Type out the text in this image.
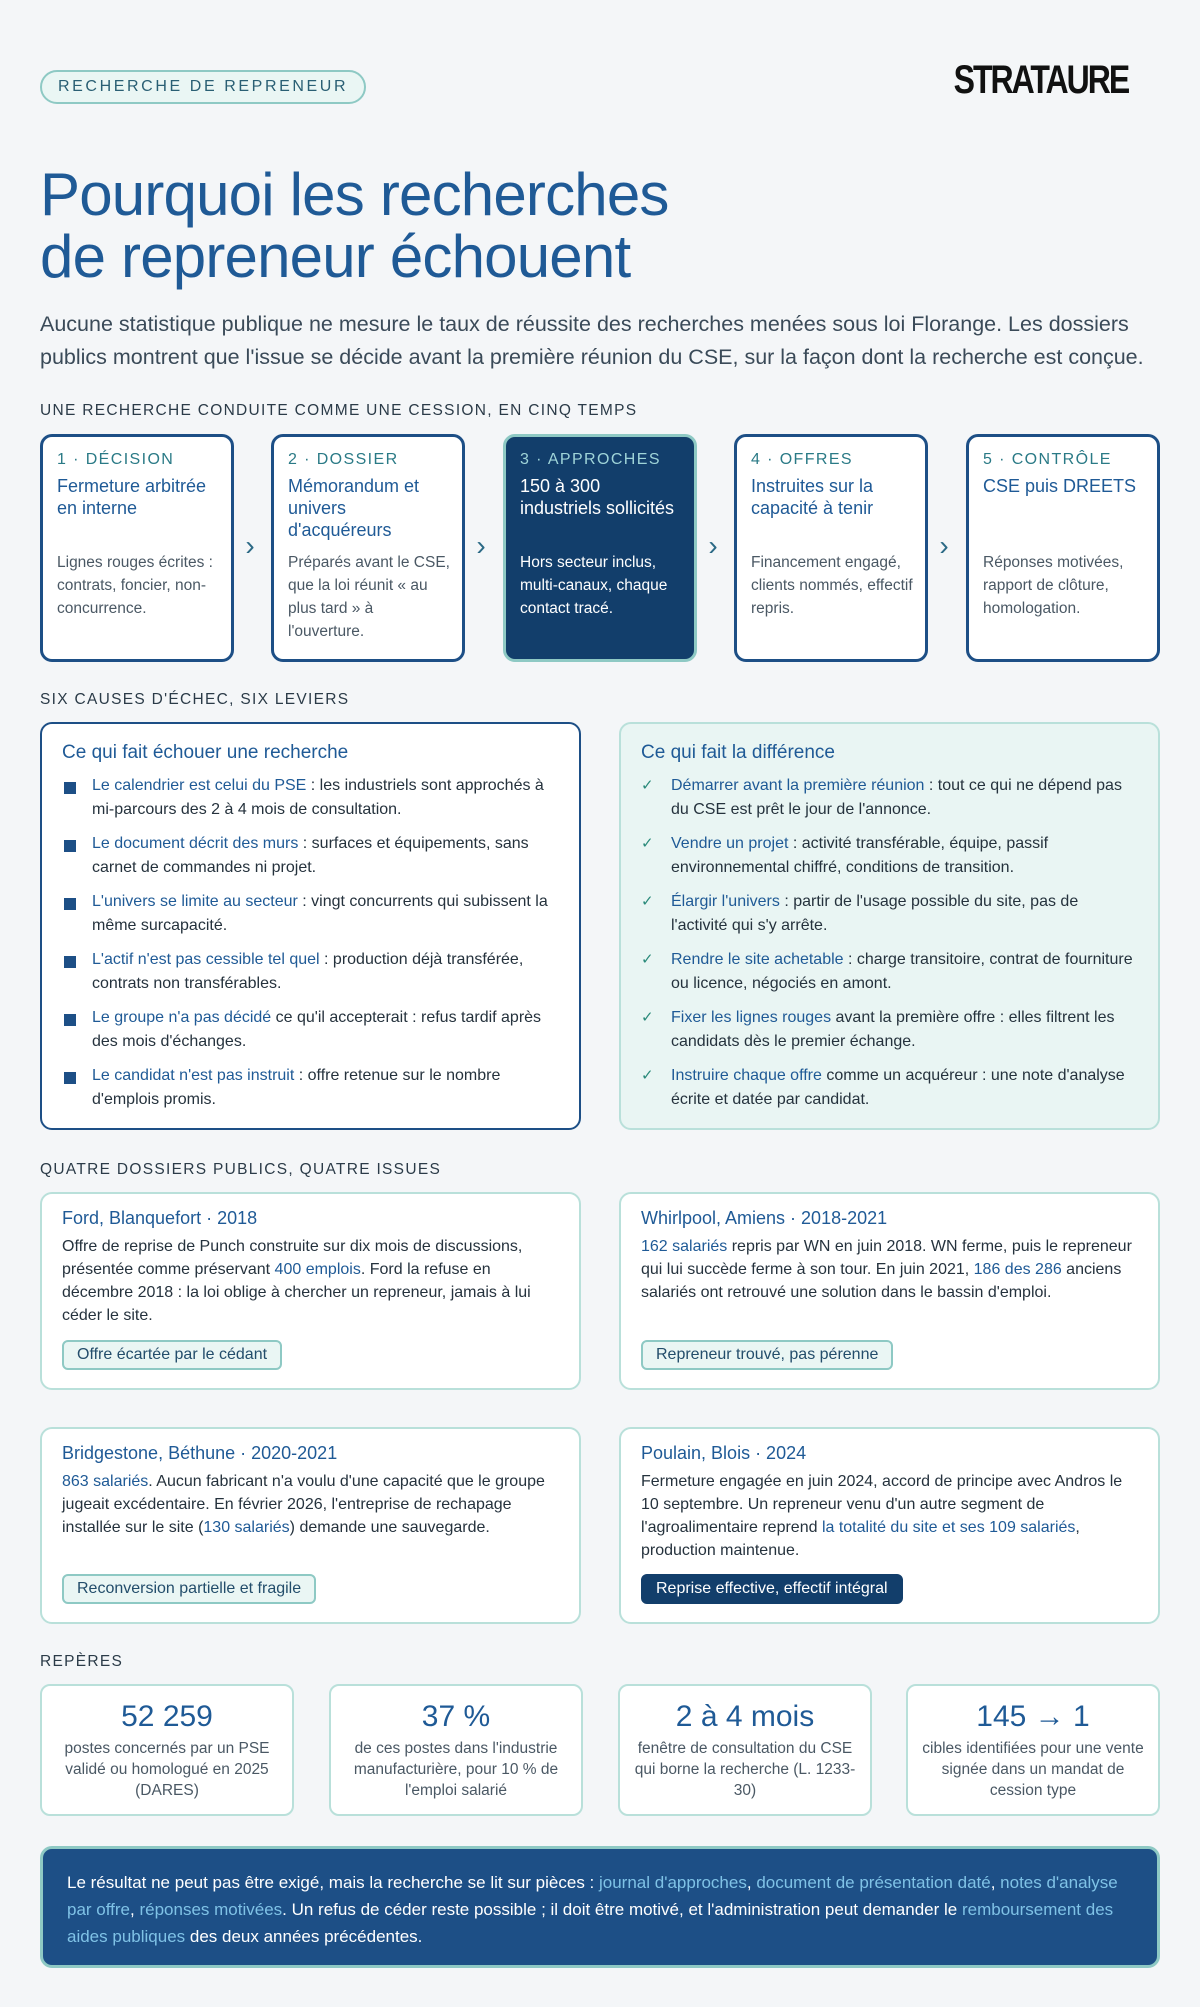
RECHERCHE DE REPRENEUR	STRATAURE
Pourquoi les recherches
de repreneur échouent

Aucune statistique publique ne mesure le taux de réussite des recherches menées sous loi Florange. Les dossiers publics montrent que l'issue se décide avant la première réunion du CSE, sur la façon dont la recherche est conçue.

UNE RECHERCHE CONDUITE COMME UNE CESSION, EN CINQ TEMPS
1 · DÉCISION
Fermeture arbitrée en interne
Lignes rouges écrites : contrats, foncier, non-concurrence.
›
2 · DOSSIER
Mémorandum et univers d'acquéreurs
Préparés avant le CSE, que la loi réunit « au plus tard » à l'ouverture.
›
3 · APPROCHES
150 à 300 industriels sollicités
Hors secteur inclus, multi-canaux, chaque contact tracé.
›
4 · OFFRES
Instruites sur la capacité à tenir
Financement engagé, clients nommés, effectif repris.
›
5 · CONTRÔLE
CSE puis DREETS
Réponses motivées, rapport de clôture, homologation.
SIX CAUSES D'ÉCHEC, SIX LEVIERS
Ce qui fait échouer une recherche
Le calendrier est celui du PSE : les industriels sont approchés à mi-parcours des 2 à 4 mois de consultation.
Le document décrit des murs : surfaces et équipements, sans carnet de commandes ni projet.
L'univers se limite au secteur : vingt concurrents qui subissent la même surcapacité.
L'actif n'est pas cessible tel quel : production déjà transférée, contrats non transférables.
Le groupe n'a pas décidé ce qu'il accepterait : refus tardif après des mois d'échanges.
Le candidat n'est pas instruit : offre retenue sur le nombre d'emplois promis.
Ce qui fait la différence
✓ Démarrer avant la première réunion : tout ce qui ne dépend pas du CSE est prêt le jour de l'annonce.
✓ Vendre un projet : activité transférable, équipe, passif environnemental chiffré, conditions de transition.
✓ Élargir l'univers : partir de l'usage possible du site, pas de l'activité qui s'y arrête.
✓ Rendre le site achetable : charge transitoire, contrat de fourniture ou licence, négociés en amont.
✓ Fixer les lignes rouges avant la première offre : elles filtrent les candidats dès le premier échange.
✓ Instruire chaque offre comme un acquéreur : une note d'analyse écrite et datée par candidat.
QUATRE DOSSIERS PUBLICS, QUATRE ISSUES
Ford, Blanquefort · 2018

Offre de reprise de Punch construite sur dix mois de discussions, présentée comme préservant 400 emplois. Ford la refuse en décembre 2018 : la loi oblige à chercher un repreneur, jamais à lui céder le site.

Offre écartée par le cédant
Whirlpool, Amiens · 2018-2021

162 salariés repris par WN en juin 2018. WN ferme, puis le repreneur qui lui succède ferme à son tour. En juin 2021, 186 des 286 anciens salariés ont retrouvé une solution dans le bassin d'emploi.

Repreneur trouvé, pas pérenne
Bridgestone, Béthune · 2020-2021

863 salariés. Aucun fabricant n'a voulu d'une capacité que le groupe jugeait excédentaire. En février 2026, l'entreprise de rechapage installée sur le site (130 salariés) demande une sauvegarde.

Reconversion partielle et fragile
Poulain, Blois · 2024

Fermeture engagée en juin 2024, accord de principe avec Andros le 10 septembre. Un repreneur venu d'un autre segment de l'agroalimentaire reprend la totalité du site et ses 109 salariés, production maintenue.

Reprise effective, effectif intégral
REPÈRES
52 259
postes concernés par un PSE validé ou homologué en 2025 (DARES)
37 %
de ces postes dans l'industrie manufacturière, pour 10 % de l'emploi salarié
2 à 4 mois
fenêtre de consultation du CSE qui borne la recherche (L. 1233-30)
145 → 1
cibles identifiées pour une vente signée dans un mandat de cession type
Le résultat ne peut pas être exigé, mais la recherche se lit sur pièces : journal d'approches, document de présentation daté, notes d'analyse par offre, réponses motivées. Un refus de céder reste possible ; il doit être motivé, et l'administration peut demander le remboursement des aides publiques des deux années précédentes.
